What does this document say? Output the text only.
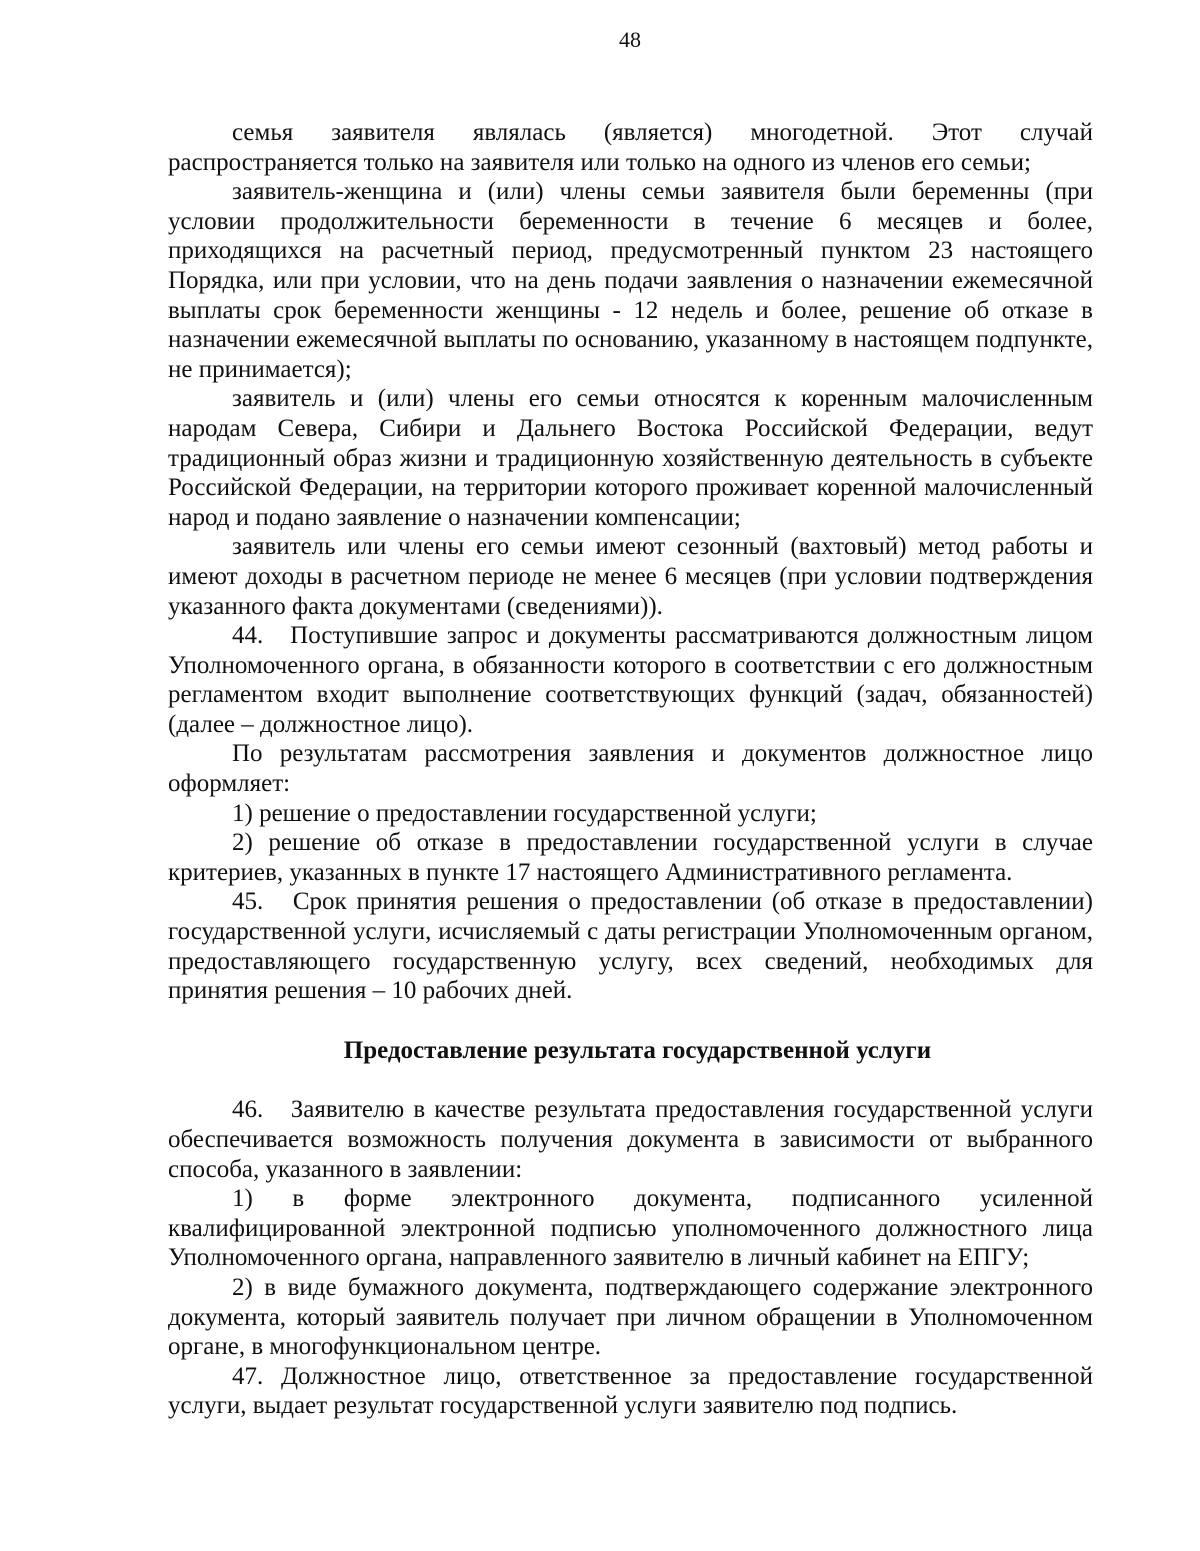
48

семья заявителя являлась (является) многодетной. Этот случай распространяется только на заявителя или только на одного из членов его семьи;

заявитель-женщина и (или) члены семьи заявителя были беременны (при условии продолжительности беременности в течение 6 месяцев и более, приходящихся на расчетный период, предусмотренный пунктом 23 настоящего Порядка, или при условии, что на день подачи заявления о назначении ежемесячной выплаты срок беременности женщины - 12 недель и более, решение об отказе в назначении ежемесячной выплаты по основанию, указанному в настоящем подпункте, не принимается);

заявитель и (или) члены его семьи относятся к коренным малочисленным народам Севера, Сибири и Дальнего Востока Российской Федерации, ведут традиционный образ жизни и традиционную хозяйственную деятельность в субъекте Российской Федерации, на территории которого проживает коренной малочисленный народ и подано заявление о назначении компенсации;

заявитель или члены его семьи имеют сезонный (вахтовый) метод работы и имеют доходы в расчетном периоде не менее 6 месяцев (при условии подтверждения указанного факта документами (сведениями)).

44.   Поступившие запрос и документы рассматриваются должностным лицом Уполномоченного органа, в обязанности которого в соответствии с его должностным регламентом входит выполнение соответствующих функций (задач, обязанностей) (далее – должностное лицо).

По результатам рассмотрения заявления и документов должностное лицо оформляет:

1) решение о предоставлении государственной услуги;

2) решение об отказе в предоставлении государственной услуги в случае критериев, указанных в пункте 17 настоящего Административного регламента.

45.   Срок принятия решения о предоставлении (об отказе в предоставлении) государственной услуги, исчисляемый с даты регистрации Уполномоченным органом, предоставляющего государственную услугу, всех сведений, необходимых для принятия решения – 10 рабочих дней.

Предоставление результата государственной услуги

46.   Заявителю в качестве результата предоставления государственной услуги обеспечивается возможность получения документа в зависимости от выбранного способа, указанного в заявлении:

1) в форме электронного документа, подписанного усиленной квалифицированной электронной подписью уполномоченного должностного лица Уполномоченного органа, направленного заявителю в личный кабинет на ЕПГУ;

2) в виде бумажного документа, подтверждающего содержание электронного документа, который заявитель получает при личном обращении в Уполномоченном органе, в многофункциональном центре.

47. Должностное лицо, ответственное за предоставление государственной услуги, выдает результат государственной услуги заявителю под подпись.
